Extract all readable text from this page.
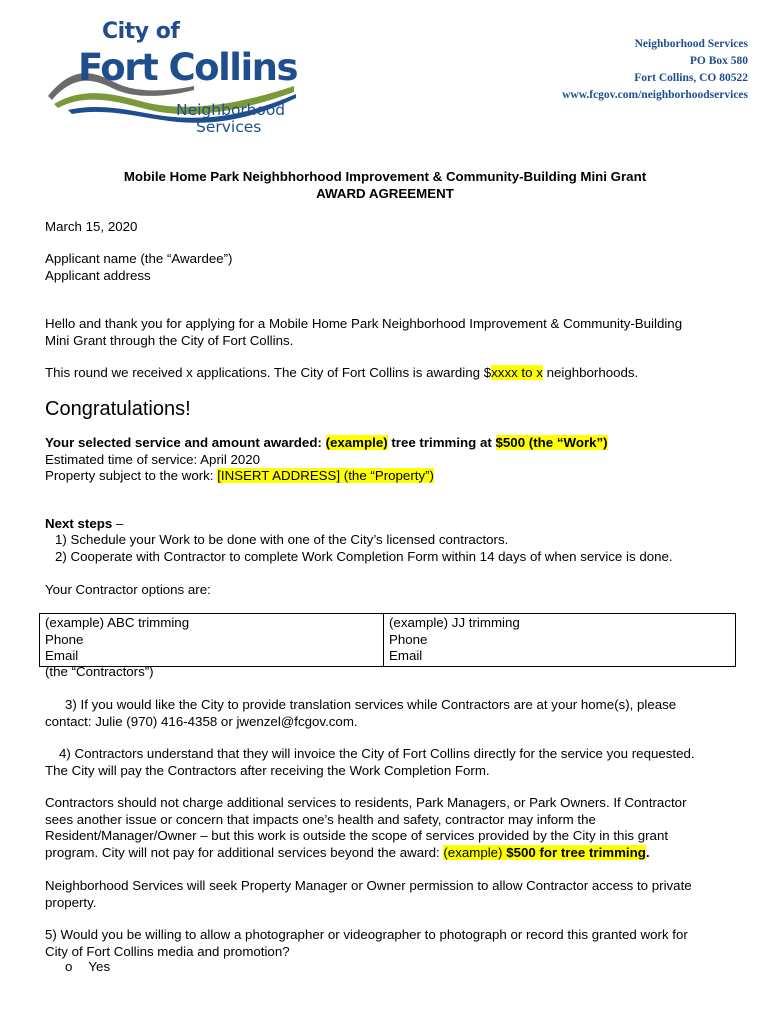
City of
Fort Collins
Neighborhood
Services
Neighborhood Services
PO Box 580
Fort Collins, CO 80522
www.fcgov.com/neighborhoodservices
Mobile Home Park Neighbhorhood Improvement & Community-Building Mini Grant
AWARD AGREEMENT
March 15, 2020
Applicant name (the “Awardee”)
Applicant address
Hello and thank you for applying for a Mobile Home Park Neighborhood Improvement & Community-Building
Mini Grant through the City of Fort Collins.
This round we received x applications. The City of Fort Collins is awarding $xxxx to x neighborhoods.
Congratulations!
Your selected service and amount awarded: (example) tree trimming at $500 (the “Work”)
Estimated time of service: April 2020
Property subject to the work: [INSERT ADDRESS] (the “Property”)
Next steps –
1) Schedule your Work to be done with one of the City’s licensed contractors.
2) Cooperate with Contractor to complete Work Completion Form within 14 days of when service is done.
Your Contractor options are:
(example) ABC trimming
Phone
Email

(example) JJ trimming
Phone
Email
(the “Contractors”)
3) If you would like the City to provide translation services while Contractors are at your home(s), please
contact: Julie (970) 416-4358 or jwenzel@fcgov.com.
4) Contractors understand that they will invoice the City of Fort Collins directly for the service you requested.
The City will pay the Contractors after receiving the Work Completion Form.
Contractors should not charge additional services to residents, Park Managers, or Park Owners. If Contractor
sees another issue or concern that impacts one’s health and safety, contractor may inform the
Resident/Manager/Owner – but this work is outside the scope of services provided by the City in this grant
program. City will not pay for additional services beyond the award: (example) $500 for tree trimming.
Neighborhood Services will seek Property Manager or Owner permission to allow Contractor access to private
property.
5) Would you be willing to allow a photographer or videographer to photograph or record this granted work for
City of Fort Collins media and promotion?
o Yes
